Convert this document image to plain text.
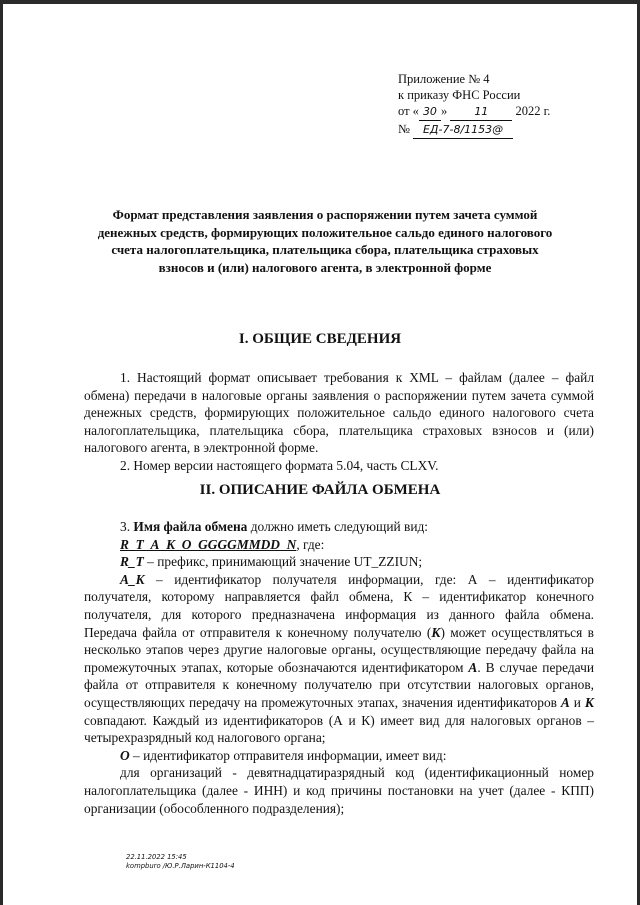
Приложение № 4
к приказу ФНС России
от « 30 » 11 2022 г.
№ ЕД-7-8/1153@
Формат представления заявления о распоряжении путем зачета суммой денежных средств, формирующих положительное сальдо единого налогового счета налогоплательщика, плательщика сбора, плательщика страховых взносов и (или) налогового агента, в электронной форме
I. ОБЩИЕ СВЕДЕНИЯ

1. Настоящий формат описывает требования к XML – файлам (далее – файл обмена) передачи в налоговые органы заявления о распоряжении путем зачета суммой денежных средств, формирующих положительное сальдо единого налогового счета налогоплательщика, плательщика сбора, плательщика страховых взносов и (или) налогового агента, в электронной форме.

2. Номер версии настоящего формата 5.04, часть CLXV.

II. ОПИСАНИЕ ФАЙЛА ОБМЕНА

3. Имя файла обмена должно иметь следующий вид:

R_T_A_K_O_GGGGMMDD_N, где:

R_T – префикс, принимающий значение UT_ZZIUN;

A_K – идентификатор получателя информации, где: А – идентификатор получателя, которому направляется файл обмена, К – идентификатор конечного получателя, для которого предназначена информация из данного файла обмена. Передача файла от отправителя к конечному получателю (К) может осуществляться в несколько этапов через другие налоговые органы, осуществляющие передачу файла на промежуточных этапах, которые обозначаются идентификатором А. В случае передачи файла от отправителя к конечному получателю при отсутствии налоговых органов, осуществляющих передачу на промежуточных этапах, значения идентификаторов А и К совпадают. Каждый из идентификаторов (А и К) имеет вид для налоговых органов – четырехразрядный код налогового органа;

О – идентификатор отправителя информации, имеет вид:

для организаций - девятнадцатиразрядный код (идентификационный номер налогоплательщика (далее - ИНН) и код причины постановки на учет (далее - КПП) организации (обособленного подразделения);

22.11.2022 15:45
kompburo /Ю.Р.Ларин-К1104-4
